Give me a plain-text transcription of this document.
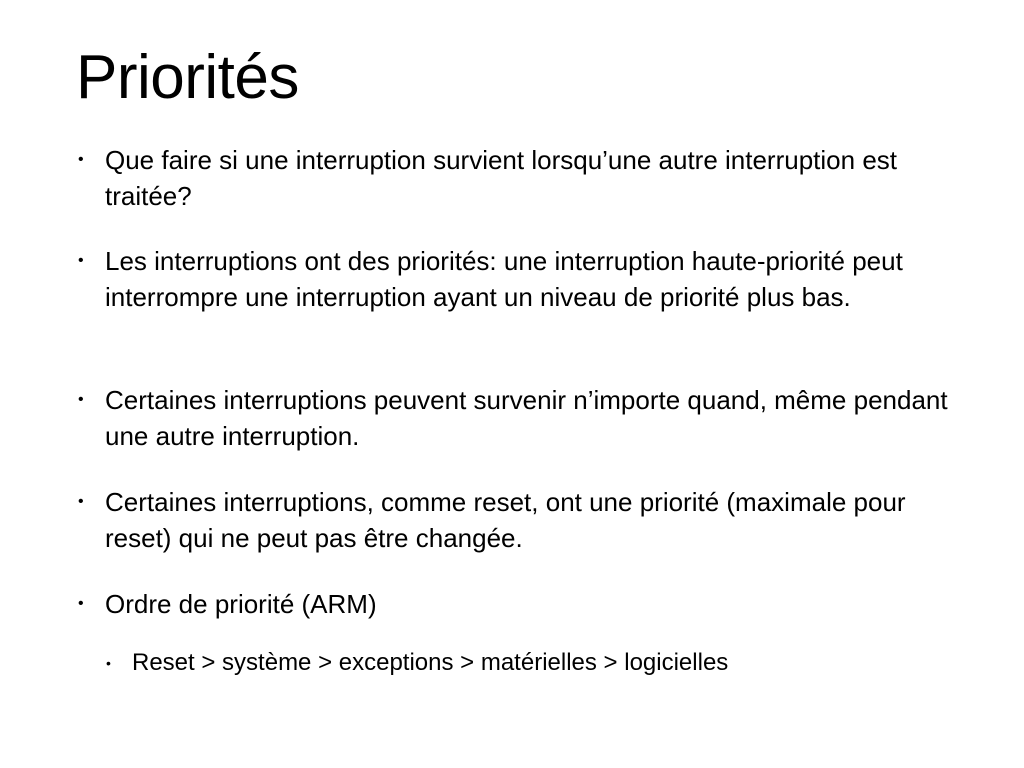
Priorités
• Que faire si une interruption survient lorsqu’une autre interruption est traitée?
• Les interruptions ont des priorités: une interruption haute-priorité peut interrompre une interruption ayant un niveau de priorité plus bas.
• Certaines interruptions peuvent survenir n’importe quand, même pendant une autre interruption.
• Certaines interruptions, comme reset, ont une priorité (maximale pour reset) qui ne peut pas être changée.
• Ordre de priorité (ARM)
• Reset > système > exceptions > matérielles > logicielles
